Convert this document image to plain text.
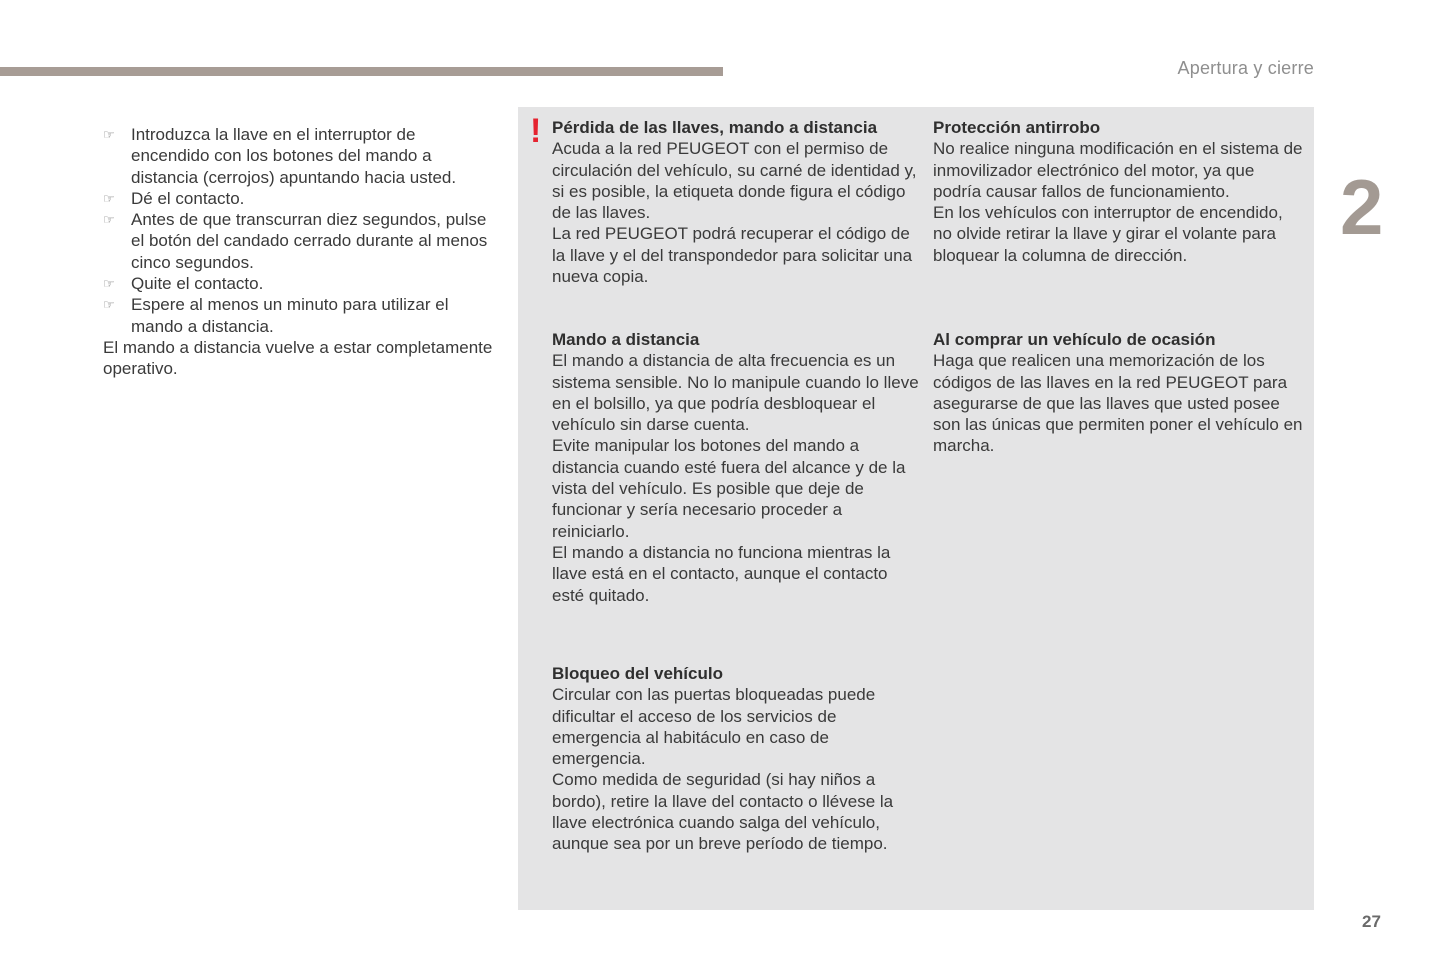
Apertura y cierre
2
☞ Introduzca la llave en el interruptor de encendido con los botones del mando a distancia (cerrojos) apuntando hacia usted.
☞ Dé el contacto.
☞ Antes de que transcurran diez segundos, pulse el botón del candado cerrado durante al menos cinco segundos.
☞ Quite el contacto.
☞ Espere al menos un minuto para utilizar el mando a distancia.

El mando a distancia vuelve a estar completamente operativo.

! Pérdida de las llaves, mando a distancia

Acuda a la red PEUGEOT con el permiso de circulación del vehículo, su carné de identidad y, si es posible, la etiqueta donde figura el código de las llaves.

La red PEUGEOT podrá recuperar el código de la llave y el del transpondedor para solicitar una nueva copia.

Mando a distancia

El mando a distancia de alta frecuencia es un sistema sensible. No lo manipule cuando lo lleve en el bolsillo, ya que podría desbloquear el vehículo sin darse cuenta.

Evite manipular los botones del mando a distancia cuando esté fuera del alcance y de la vista del vehículo. Es posible que deje de funcionar y sería necesario proceder a reiniciarlo.

El mando a distancia no funciona mientras la llave está en el contacto, aunque el contacto esté quitado.

Bloqueo del vehículo

Circular con las puertas bloqueadas puede dificultar el acceso de los servicios de emergencia al habitáculo en caso de emergencia.

Como medida de seguridad (si hay niños a bordo), retire la llave del contacto o llévese la llave electrónica cuando salga del vehículo, aunque sea por un breve período de tiempo.

Protección antirrobo

No realice ninguna modificación en el sistema de inmovilizador electrónico del motor, ya que podría causar fallos de funcionamiento.

En los vehículos con interruptor de encendido, no olvide retirar la llave y girar el volante para bloquear la columna de dirección.

Al comprar un vehículo de ocasión

Haga que realicen una memorización de los códigos de las llaves en la red PEUGEOT para asegurarse de que las llaves que usted posee son las únicas que permiten poner el vehículo en marcha.

27
